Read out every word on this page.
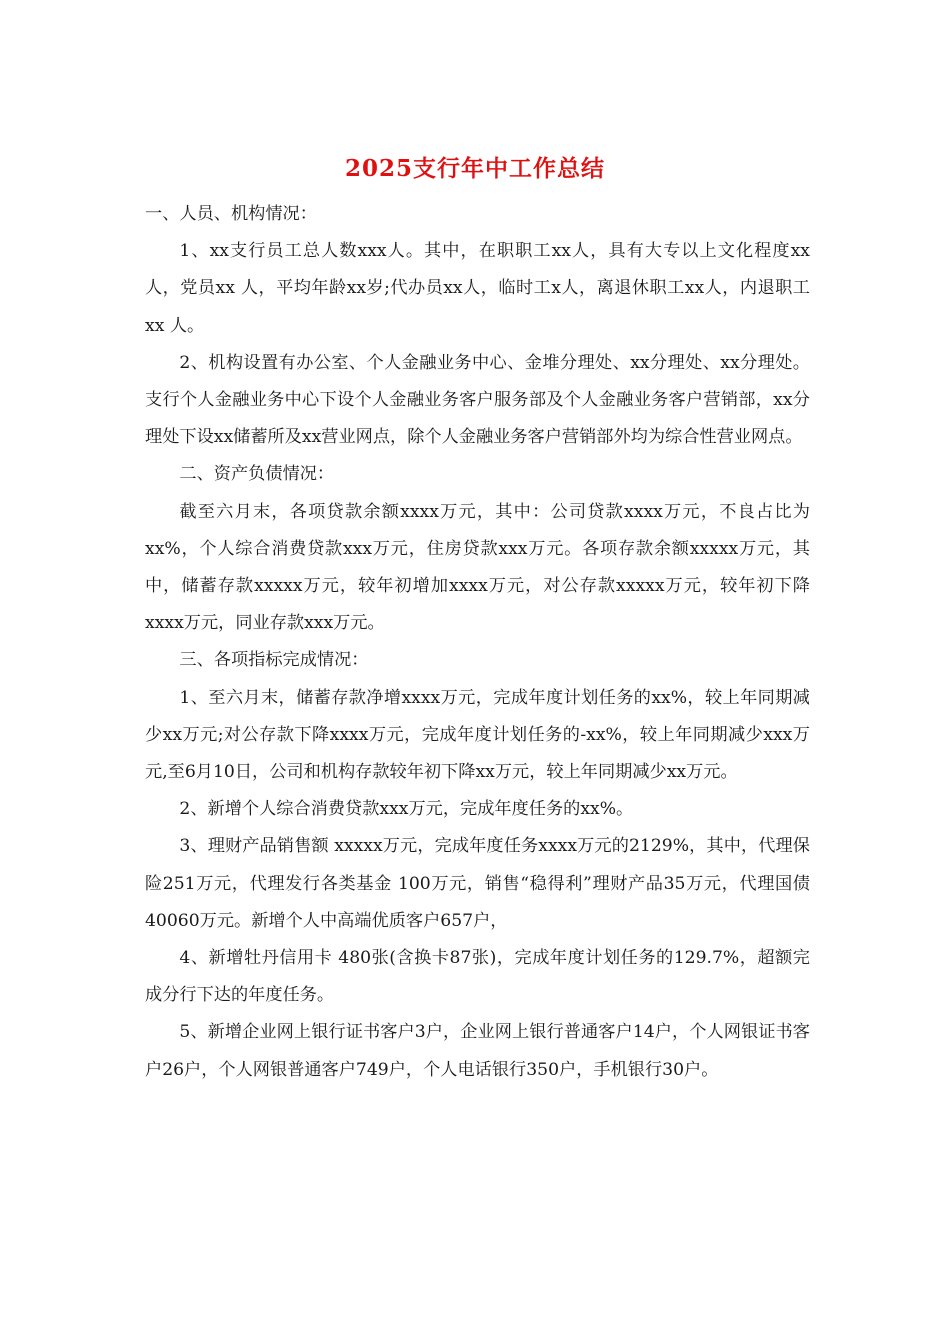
2025支行年中工作总结

一、人员、机构情况：

1、xx支行员工总人数xxx人。其中，在职职工xx人，具有大专以上文化程度xx人，党员xx 人，平均年龄xx岁;代办员xx人，临时工x人，离退休职工xx人，内退职工xx 人。

2、机构设置有办公室、个人金融业务中心、金堆分理处、xx分理处、xx分理处。支行个人金融业务中心下设个人金融业务客户服务部及个人金融业务客户营销部，xx分理处下设xx储蓄所及xx营业网点，除个人金融业务客户营销部外均为综合性营业网点。

二、资产负债情况：

截至六月末，各项贷款余额xxxx万元，其中：公司贷款xxxx万元，不良占比为xx%，个人综合消费贷款xxx万元，住房贷款xxx万元。各项存款余额xxxxx万元，其中，储蓄存款xxxxx万元，较年初增加xxxx万元，对公存款xxxxx万元，较年初下降xxxx万元，同业存款xxx万元。

三、各项指标完成情况：

1、至六月末，储蓄存款净增xxxx万元，完成年度计划任务的xx%，较上年同期减少xx万元;对公存款下降xxxx万元，完成年度计划任务的-xx%，较上年同期减少xxx万元,至6月10日，公司和机构存款较年初下降xx万元，较上年同期减少xx万元。

2、新增个人综合消费贷款xxx万元，完成年度任务的xx%。

3、理财产品销售额 xxxxx万元，完成年度任务xxxx万元的2129%，其中，代理保险251万元，代理发行各类基金 100万元，销售“稳得利”理财产品35万元，代理国债40060万元。新增个人中高端优质客户657户，

4、新增牡丹信用卡 480张(含换卡87张)，完成年度计划任务的129.7%，超额完成分行下达的年度任务。

5、新增企业网上银行证书客户3户，企业网上银行普通客户14户，个人网银证书客户26户，个人网银普通客户749户，个人电话银行350户，手机银行30户。
